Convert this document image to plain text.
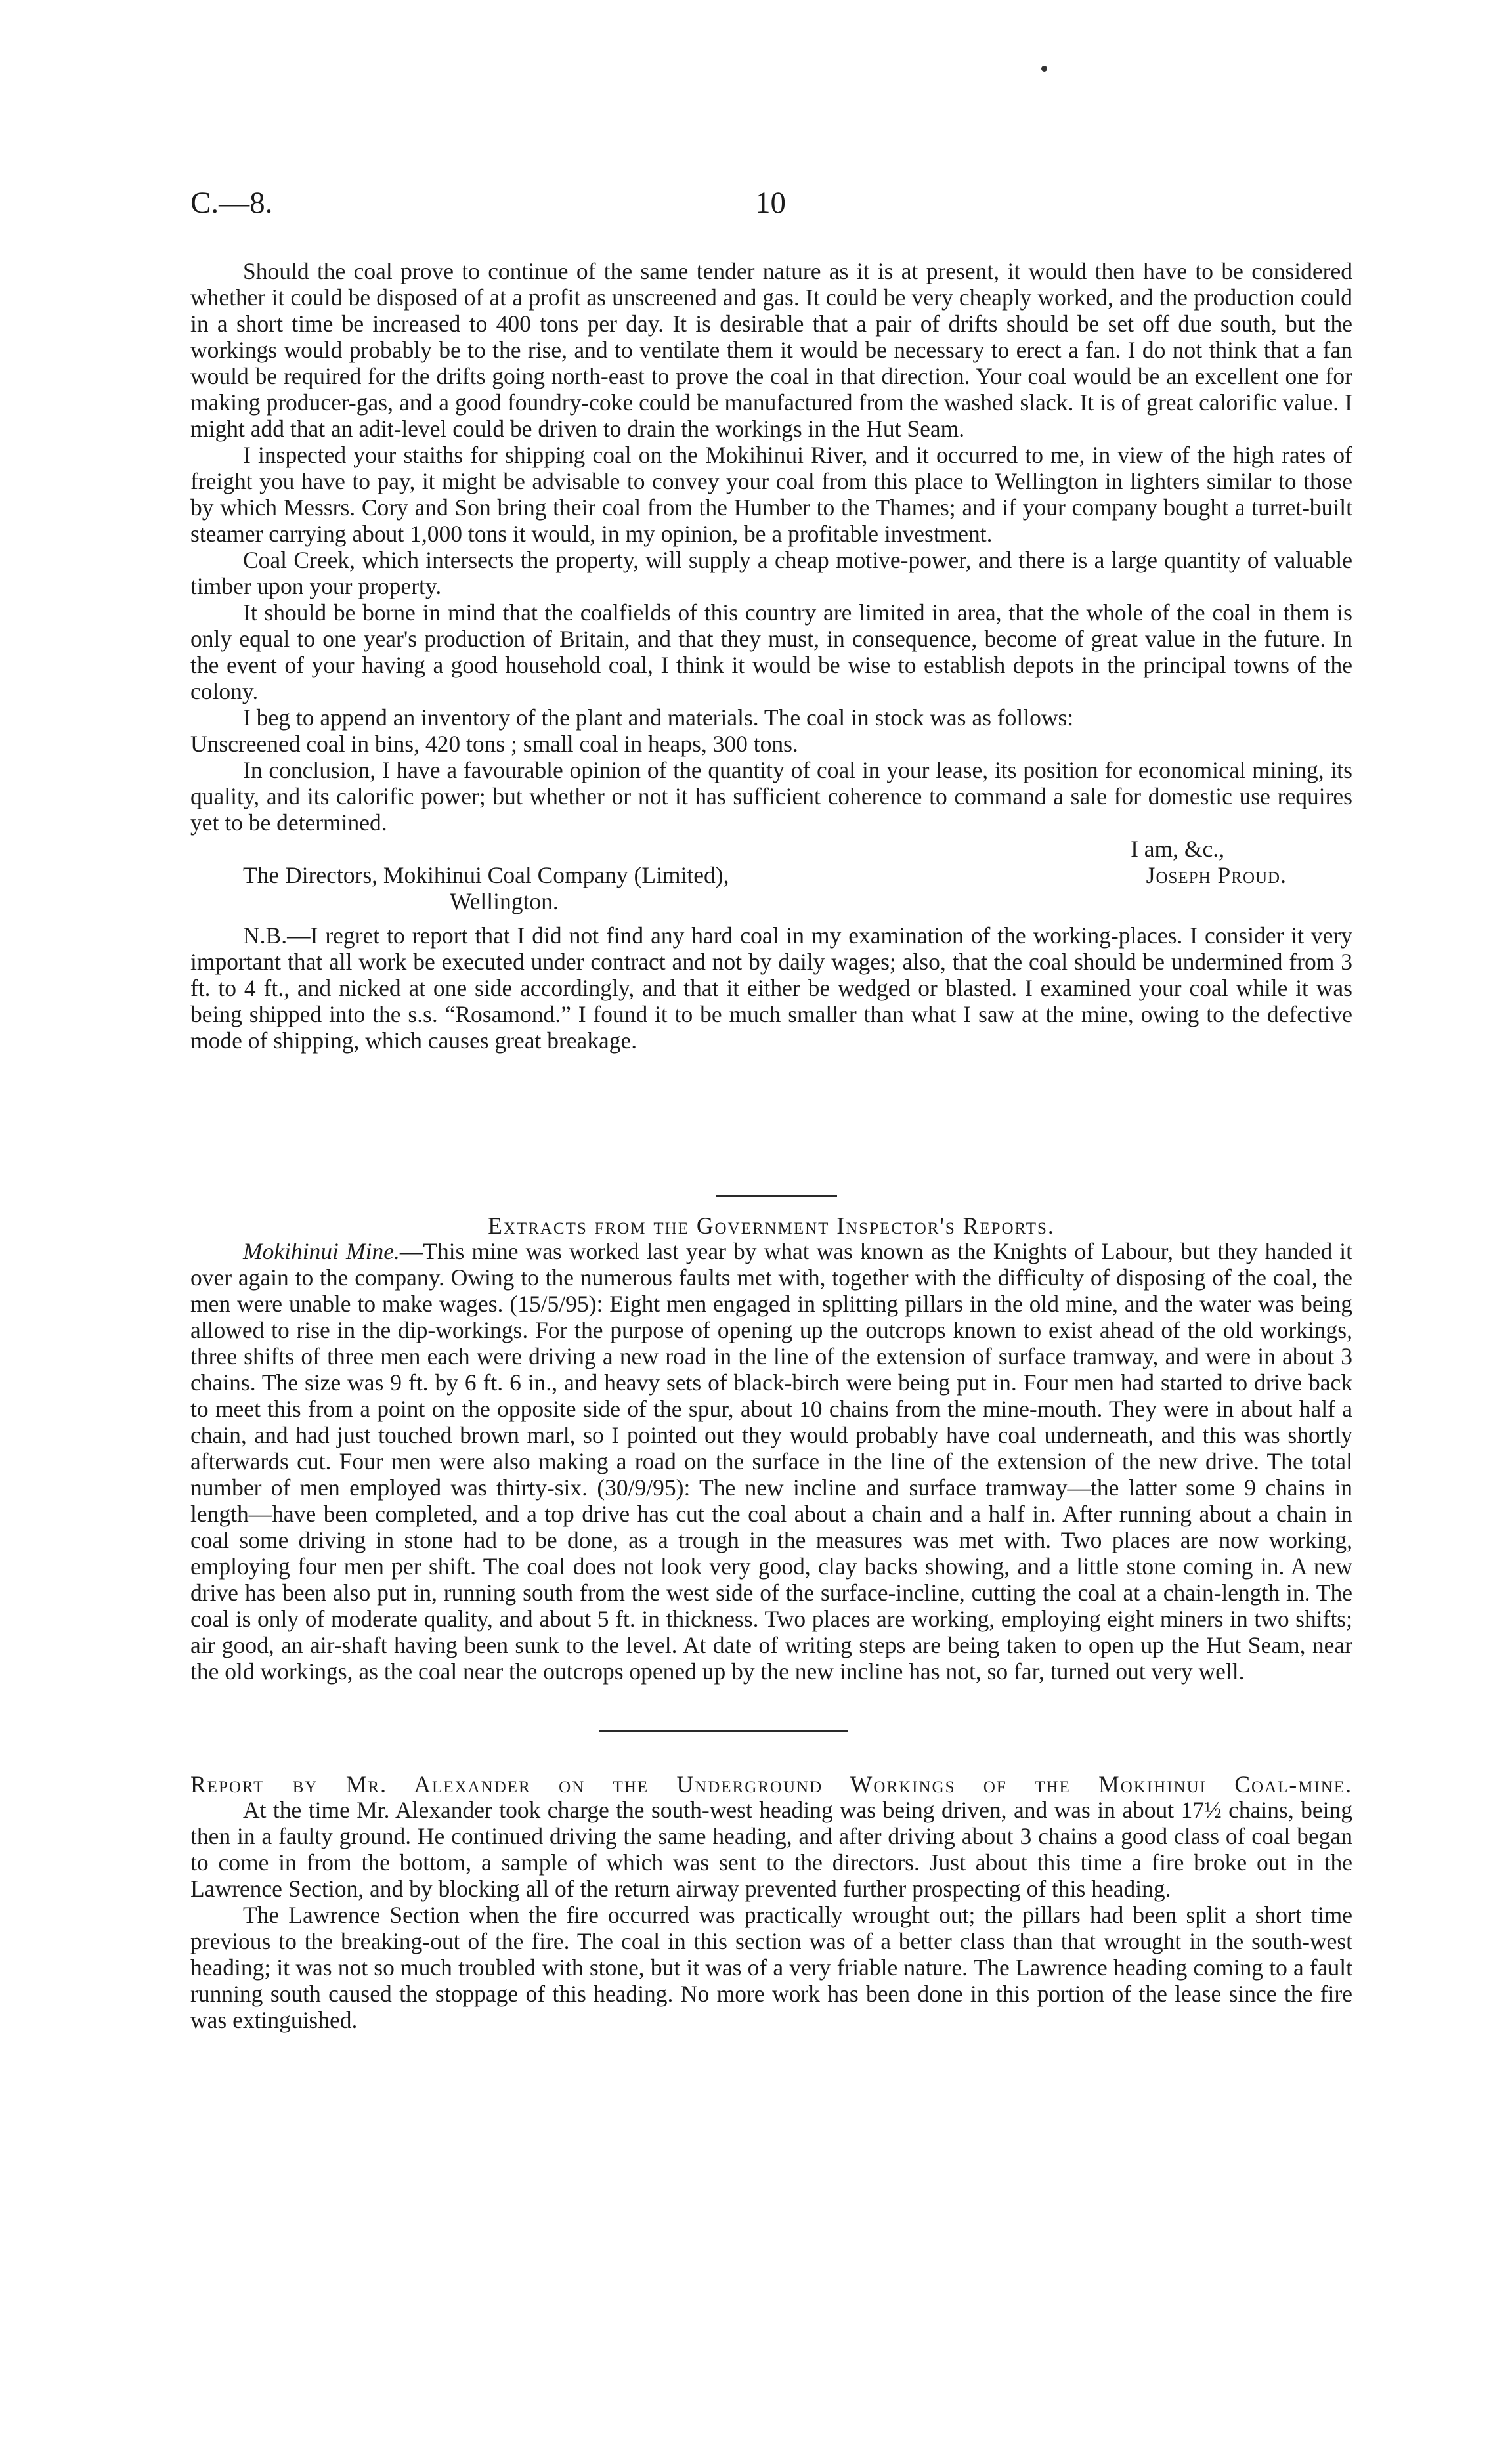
C.—8.	10

Should the coal prove to continue of the same tender nature as it is at present, it would then have to be considered whether it could be disposed of at a profit as unscreened and gas. It could be very cheaply worked, and the production could in a short time be increased to 400 tons per day. It is desirable that a pair of drifts should be set off due south, but the workings would probably be to the rise, and to ventilate them it would be necessary to erect a fan. I do not think that a fan would be required for the drifts going north-east to prove the coal in that direction. Your coal would be an excellent one for making producer-gas, and a good foundry-coke could be manufactured from the washed slack. It is of great calorific value. I might add that an adit-level could be driven to drain the workings in the Hut Seam.

I inspected your staiths for shipping coal on the Mokihinui River, and it occurred to me, in view of the high rates of freight you have to pay, it might be advisable to convey your coal from this place to Wellington in lighters similar to those by which Messrs. Cory and Son bring their coal from the Humber to the Thames; and if your company bought a turret-built steamer carrying about 1,000 tons it would, in my opinion, be a profitable investment.

Coal Creek, which intersects the property, will supply a cheap motive-power, and there is a large quantity of valuable timber upon your property.

It should be borne in mind that the coalfields of this country are limited in area, that the whole of the coal in them is only equal to one year's production of Britain, and that they must, in consequence, become of great value in the future. In the event of your having a good household coal, I think it would be wise to establish depots in the principal towns of the colony.

I beg to append an inventory of the plant and materials. The coal in stock was as follows:

Unscreened coal in bins, 420 tons ; small coal in heaps, 300 tons.

In conclusion, I have a favourable opinion of the quantity of coal in your lease, its position for economical mining, its quality, and its calorific power; but whether or not it has sufficient coherence to command a sale for domestic use requires yet to be determined.

I am, &c.,
The Directors, Mokihinui Coal Company (Limited),
Wellington.
Joseph Proud.

N.B.—I regret to report that I did not find any hard coal in my examination of the working-places. I consider it very important that all work be executed under contract and not by daily wages; also, that the coal should be undermined from 3 ft. to 4 ft., and nicked at one side accordingly, and that it either be wedged or blasted. I examined your coal while it was being shipped into the s.s. “Rosamond.” I found it to be much smaller than what I saw at the mine, owing to the defective mode of shipping, which causes great breakage.

Extracts from the Government Inspector's Reports.

Mokihinui Mine.—This mine was worked last year by what was known as the Knights of Labour, but they handed it over again to the company. Owing to the numerous faults met with, together with the difficulty of disposing of the coal, the men were unable to make wages. (15/5/95): Eight men engaged in splitting pillars in the old mine, and the water was being allowed to rise in the dip-workings. For the purpose of opening up the outcrops known to exist ahead of the old workings, three shifts of three men each were driving a new road in the line of the extension of surface tramway, and were in about 3 chains. The size was 9 ft. by 6 ft. 6 in., and heavy sets of black-birch were being put in. Four men had started to drive back to meet this from a point on the opposite side of the spur, about 10 chains from the mine-mouth. They were in about half a chain, and had just touched brown marl, so I pointed out they would probably have coal underneath, and this was shortly afterwards cut. Four men were also making a road on the surface in the line of the extension of the new drive. The total number of men employed was thirty-six. (30/9/95): The new incline and surface tramway—the latter some 9 chains in length—have been completed, and a top drive has cut the coal about a chain and a half in. After running about a chain in coal some driving in stone had to be done, as a trough in the measures was met with. Two places are now working, employing four men per shift. The coal does not look very good, clay backs showing, and a little stone coming in. A new drive has been also put in, running south from the west side of the surface-incline, cutting the coal at a chain-length in. The coal is only of moderate quality, and about 5 ft. in thickness. Two places are working, employing eight miners in two shifts; air good, an air-shaft having been sunk to the level. At date of writing steps are being taken to open up the Hut Seam, near the old workings, as the coal near the outcrops opened up by the new incline has not, so far, turned out very well.

Report by Mr. Alexander on the Underground Workings of the Mokihinui Coal-mine.

At the time Mr. Alexander took charge the south-west heading was being driven, and was in about 17½ chains, being then in a faulty ground. He continued driving the same heading, and after driving about 3 chains a good class of coal began to come in from the bottom, a sample of which was sent to the directors. Just about this time a fire broke out in the Lawrence Section, and by blocking all of the return airway prevented further prospecting of this heading.

The Lawrence Section when the fire occurred was practically wrought out; the pillars had been split a short time previous to the breaking-out of the fire. The coal in this section was of a better class than that wrought in the south-west heading; it was not so much troubled with stone, but it was of a very friable nature. The Lawrence heading coming to a fault running south caused the stoppage of this heading. No more work has been done in this portion of the lease since the fire was extinguished.
